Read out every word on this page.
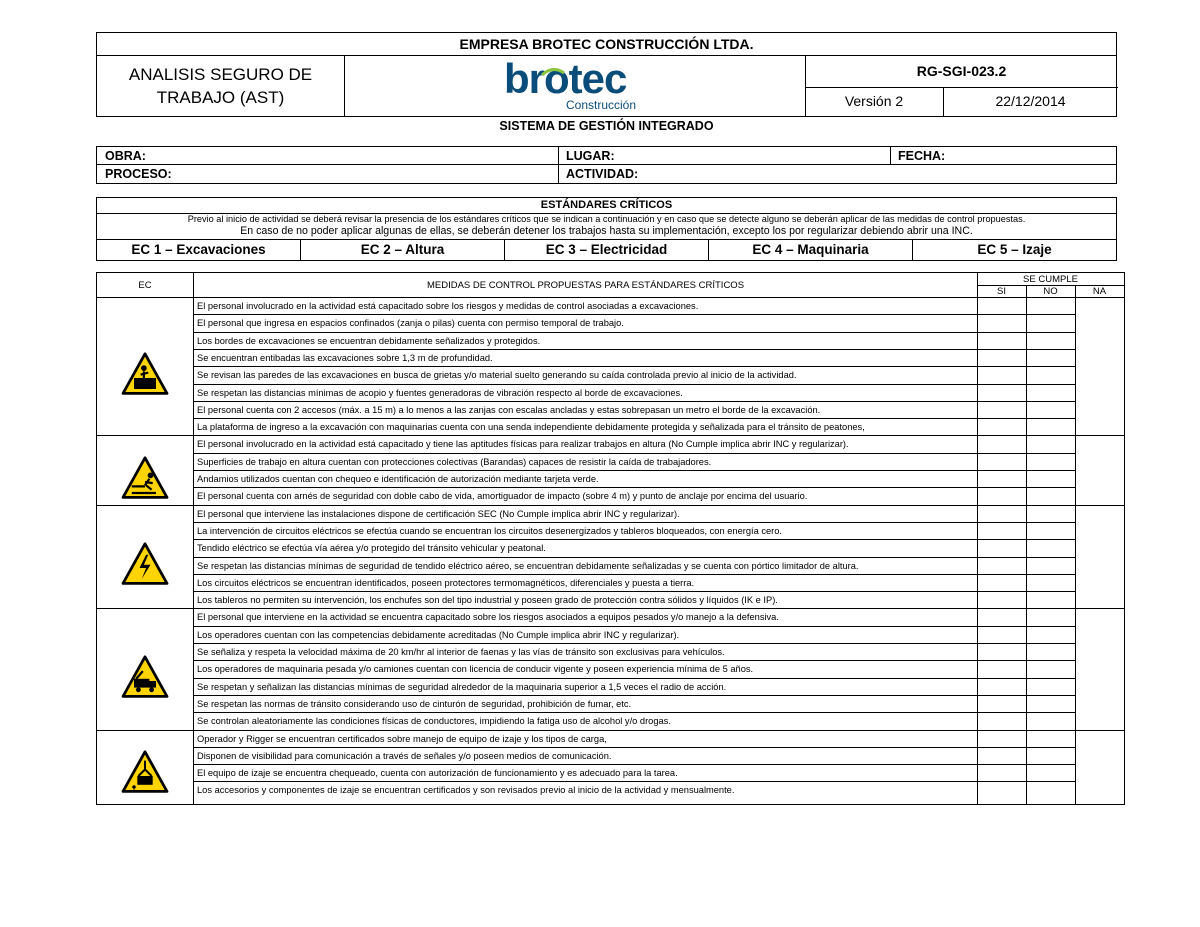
EMPRESA BROTEC CONSTRUCCIÓN LTDA.
ANALISIS SEGURO DE
TRABAJO (AST)	brotec
Construcción
RG-SGI-023.2
Versión 2	22/12/2014
SISTEMA DE GESTIÓN INTEGRADO
OBRA:	LUGAR:	FECHA:
PROCESO:	ACTIVIDAD:
ESTÁNDARES CRÍTICOS
Previo al inicio de actividad se deberá revisar la presencia de los estándares críticos que se indican a continuación y en caso que se detecte alguno se deberán aplicar de las medidas de control propuestas.
En caso de no poder aplicar algunas de ellas, se deberán detener los trabajos hasta su implementación, excepto los por regularizar debiendo abrir una INC.
EC 1 – Excavaciones	EC 2 – Altura	EC 3 – Electricidad	EC 4 – Maquinaria	EC 5 – Izaje
EC	MEDIDAS DE CONTROL PROPUESTAS PARA ESTÁNDARES CRÍTICOS
SE CUMPLE
SI	NO	NA
El personal involucrado en la actividad está capacitado sobre los riesgos y medidas de control asociadas a excavaciones.
El personal que ingresa en espacios confinados (zanja o pilas) cuenta con permiso temporal de trabajo.
Los bordes de excavaciones se encuentran debidamente señalizados y protegidos.
Se encuentran entibadas las excavaciones sobre 1,3 m de profundidad.
Se revisan las paredes de las excavaciones en busca de grietas y/o material suelto generando su caída controlada previo al inicio de la actividad.
Se respetan las distancias mínimas de acopio y fuentes generadoras de vibración respecto al borde de excavaciones.
El personal cuenta con 2 accesos (máx. a 15 m) a lo menos a las zanjas con escalas ancladas y estas sobrepasan un metro el borde de la excavación.
La plataforma de ingreso a la excavación con maquinarias cuenta con una senda independiente debidamente protegida y señalizada para el tránsito de peatones,
El personal involucrado en la actividad está capacitado y tiene las aptitudes físicas para realizar trabajos en altura (No Cumple implica abrir INC y regularizar).
Superficies de trabajo en altura cuentan con protecciones colectivas (Barandas) capaces de resistir la caída de trabajadores.
Andamios utilizados cuentan con chequeo e identificación de autorización mediante tarjeta verde.
El personal cuenta con arnés de seguridad con doble cabo de vida, amortiguador de impacto (sobre 4 m) y punto de anclaje por encima del usuario.
El personal que interviene las instalaciones dispone de certificación SEC (No Cumple implica abrir INC y regularizar).
La intervención de circuitos eléctricos se efectúa cuando se encuentran los circuitos desenergizados y tableros bloqueados, con energía cero.
Tendido eléctrico se efectúa vía aérea y/o protegido del tránsito vehicular y peatonal.
Se respetan las distancias mínimas de seguridad de tendido eléctrico aéreo, se encuentran debidamente señalizadas y se cuenta con pórtico limitador de altura.
Los circuitos eléctricos se encuentran identificados, poseen protectores termomagnéticos, diferenciales y puesta a tierra.
Los tableros no permiten su intervención, los enchufes son del tipo industrial y poseen grado de protección contra sólidos y líquidos (IK e IP).
El personal que interviene en la actividad se encuentra capacitado sobre los riesgos asociados a equipos pesados y/o manejo a la defensiva.
Los operadores cuentan con las competencias debidamente acreditadas (No Cumple implica abrir INC y regularizar).
Se señaliza y respeta la velocidad máxima de 20 km/hr al interior de faenas y las vías de tránsito son exclusivas para vehículos.
Los operadores de maquinaria pesada y/o camiones cuentan con licencia de conducir vigente y poseen experiencia mínima de 5 años.
Se respetan y señalizan las distancias mínimas de seguridad alrededor de la maquinaria superior a 1,5 veces el radio de acción.
Se respetan las normas de tránsito considerando uso de cinturón de seguridad, prohibición de fumar, etc.
Se controlan aleatoriamente las condiciones físicas de conductores, impidiendo la fatiga uso de alcohol y/o drogas.
Operador y Rigger se encuentran certificados sobre manejo de equipo de izaje y los tipos de carga,
Disponen de visibilidad para comunicación a través de señales y/o poseen medios de comunicación.
El equipo de izaje se encuentra chequeado, cuenta con autorización de funcionamiento y es adecuado para la tarea.
Los accesorios y componentes de izaje se encuentran certificados y son revisados previo al inicio de la actividad y mensualmente.
